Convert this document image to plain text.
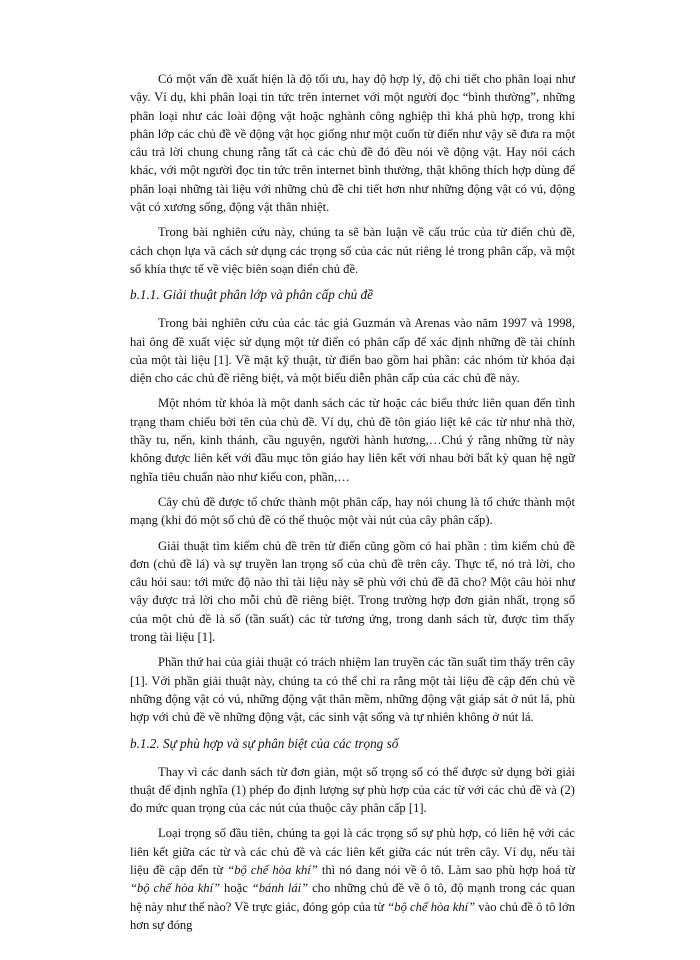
Có một vấn đề xuất hiện là độ tối ưu, hay độ hợp lý, độ chi tiết cho phân loại như vậy. Ví dụ, khi phân loại tin tức trên internet với một người đọc “bình thường”, những phân loại như các loài động vật hoặc nghành công nghiệp thì khá phù hợp, trong khi phân lớp các chủ đề về động vật học giống như một cuốn từ điển như vậy sẽ đưa ra một câu trả lời chung chung rằng tất cả các chủ đề đó đều nói về động vật. Hay nói cách khác, với một người đọc tin tức trên internet bình thường, thật không thích hợp dùng để phân loại những tài liệu với những chủ đề chi tiết hơn như những động vật có vú, động vật có xương sống, động vật thân nhiệt.

Trong bài nghiên cứu này, chúng ta sẽ bàn luận về cấu trúc của từ điển chủ đề, cách chọn lựa và cách sử dụng các trọng số của các nút riêng lẻ trong phân cấp, và một số khía thực tế về việc biên soạn điển chủ đề.

b.1.1. Giải thuật phân lớp và phân cấp chủ đề

Trong bài nghiên cứu của các tác giả Guzmán và Arenas vào năm 1997 và 1998, hai ông đề xuất việc sử dụng một từ điển có phân cấp để xác định những đề tài chính của một tài liệu [1]. Về mặt kỹ thuật, từ điển bao gồm hai phần: các nhóm từ khóa đại diện cho các chủ đề riêng biệt, và một biểu diễn phân cấp của các chủ đề này.

Một nhóm từ khóa là một danh sách các từ hoặc các biểu thức liên quan đến tình trạng tham chiếu bởi tên của chủ đề. Ví dụ, chủ đề tôn giáo liệt kê các từ như nhà thờ, thầy tu, nến, kinh thánh, cầu nguyện, người hành hương,…Chú ý rằng những từ này không được liên kết với đầu mục tôn giáo hay liên kết với nhau bởi bất kỳ quan hệ ngữ nghĩa tiêu chuẩn nào như kiểu con, phần,…

Cây chủ đề được tổ chức thành một phân cấp, hay nói chung là tổ chức thành một mạng (khi đó một số chủ đề có thể thuộc một vài nút của cây phân cấp).

Giải thuật tìm kiếm chủ đề trên từ điển cũng gồm có hai phần : tìm kiếm chủ đề đơn (chủ đề lá) và sự truyền lan trọng số của chủ đề trên cây. Thực tế, nó trả lời, cho câu hỏi sau: tới mức độ nào thì tài liệu này sẽ phù với chủ đề đã cho? Một câu hỏi như vậy được trả lời cho mỗi chủ đề riêng biệt. Trong trường hợp đơn giản nhất, trọng số của một chủ đề là số (tần suất) các từ tương ứng, trong danh sách từ, được tìm thấy trong tài liệu [1].

Phần thứ hai của giải thuật có trách nhiệm lan truyền các tần suất tìm thấy trên cây [1]. Với phần giải thuật này, chúng ta có thể chỉ ra rằng một tài liệu đề cập đến chủ về những động vật có vú, những động vật thân mềm, những động vật giáp sát ở nút lá, phù hợp với chủ đề về những động vật, các sinh vật sống và tự nhiên không ở nút lá.

b.1.2. Sự phù hợp và sự phân biệt của các trọng số

Thay vì các danh sách từ đơn giản, một số trọng số có thể được sử dụng bởi giải thuật để định nghĩa (1) phép đo định lượng sự phù hợp của các từ với các chủ đề và (2) đo mức quan trọng của các nút của thuộc cây phân cấp [1].

Loại trọng số đầu tiên, chúng ta gọi là các trọng số sự phù hợp, có liên hệ với các liên kết giữa các từ và các chủ đề và các liên kết giữa các nút trên cây. Ví dụ, nếu tài liệu đề cập đến từ “bộ chế hòa khí” thì nó đang nói về ô tô. Làm sao phù hợp hoá từ “bộ chế hòa khí” hoặc “bánh lái” cho những chủ đề về ô tô, độ mạnh trong các quan hệ này như thế nào? Về trực giác, đóng góp của từ “bộ chế hòa khí” vào chủ đề ô tô lớn hơn sự đóng
